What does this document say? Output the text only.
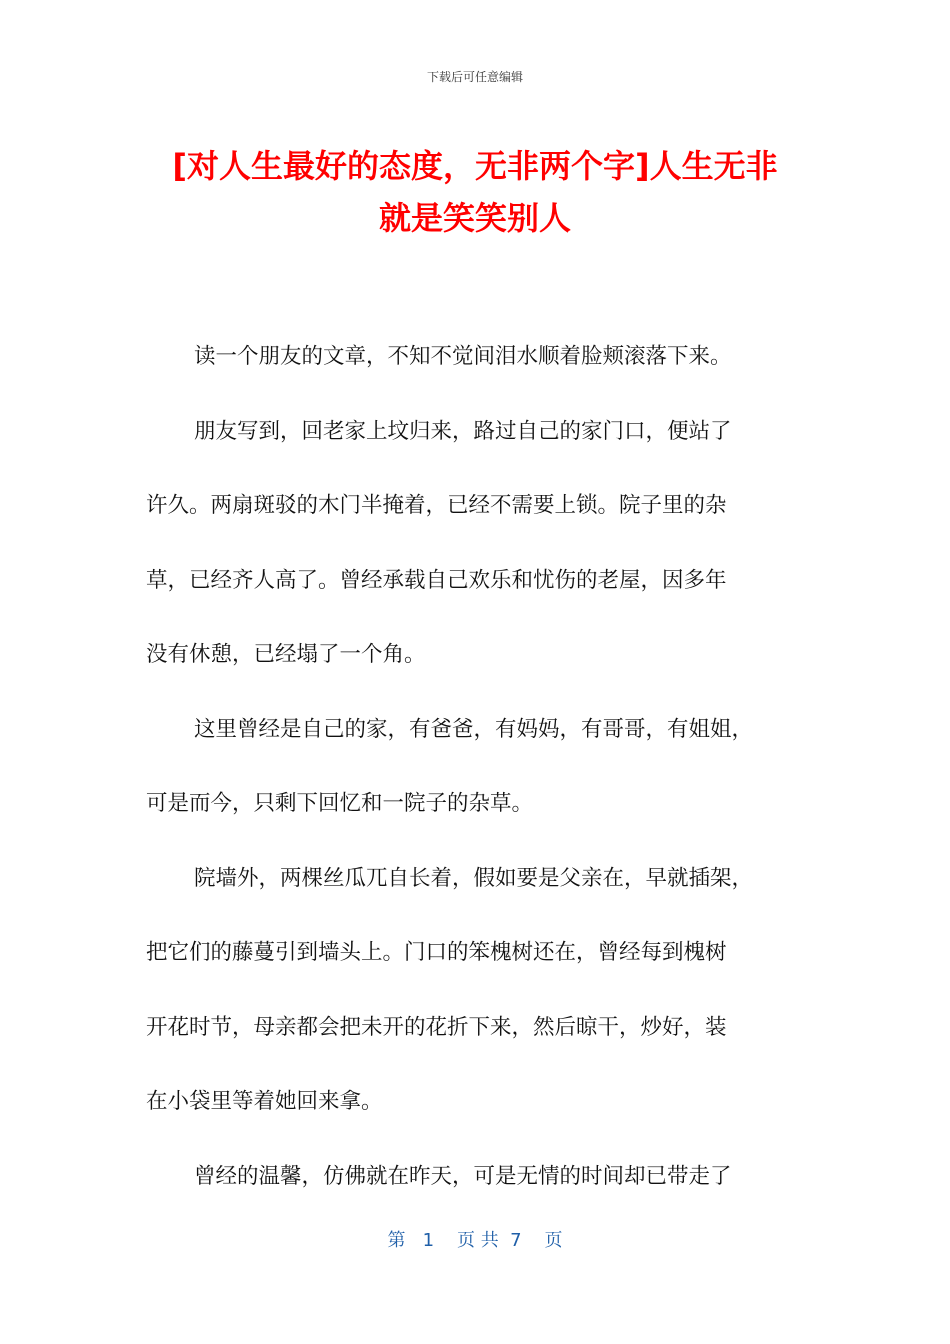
下载后可任意编辑
[对人生最好的态度，无非两个字]人生无非
就是笑笑别人
读一个朋友的文章，不知不觉间泪水顺着脸颊滚落下来。
朋友写到，回老家上坟归来，路过自己的家门口，便站了
许久。两扇斑驳的木门半掩着，已经不需要上锁。院子里的杂
草，已经齐人高了。曾经承载自己欢乐和忧伤的老屋，因多年
没有休憩，已经塌了一个角。
这里曾经是自己的家，有爸爸，有妈妈，有哥哥，有姐姐，
可是而今，只剩下回忆和一院子的杂草。
院墙外，两棵丝瓜兀自长着，假如要是父亲在，早就插架，
把它们的藤蔓引到墙头上。门口的笨槐树还在，曾经每到槐树
开花时节，母亲都会把未开的花折下来，然后晾干，炒好，装
在小袋里等着她回来拿。
曾经的温馨，仿佛就在昨天，可是无情的时间却已带走了
第   1    页 共  7    页
